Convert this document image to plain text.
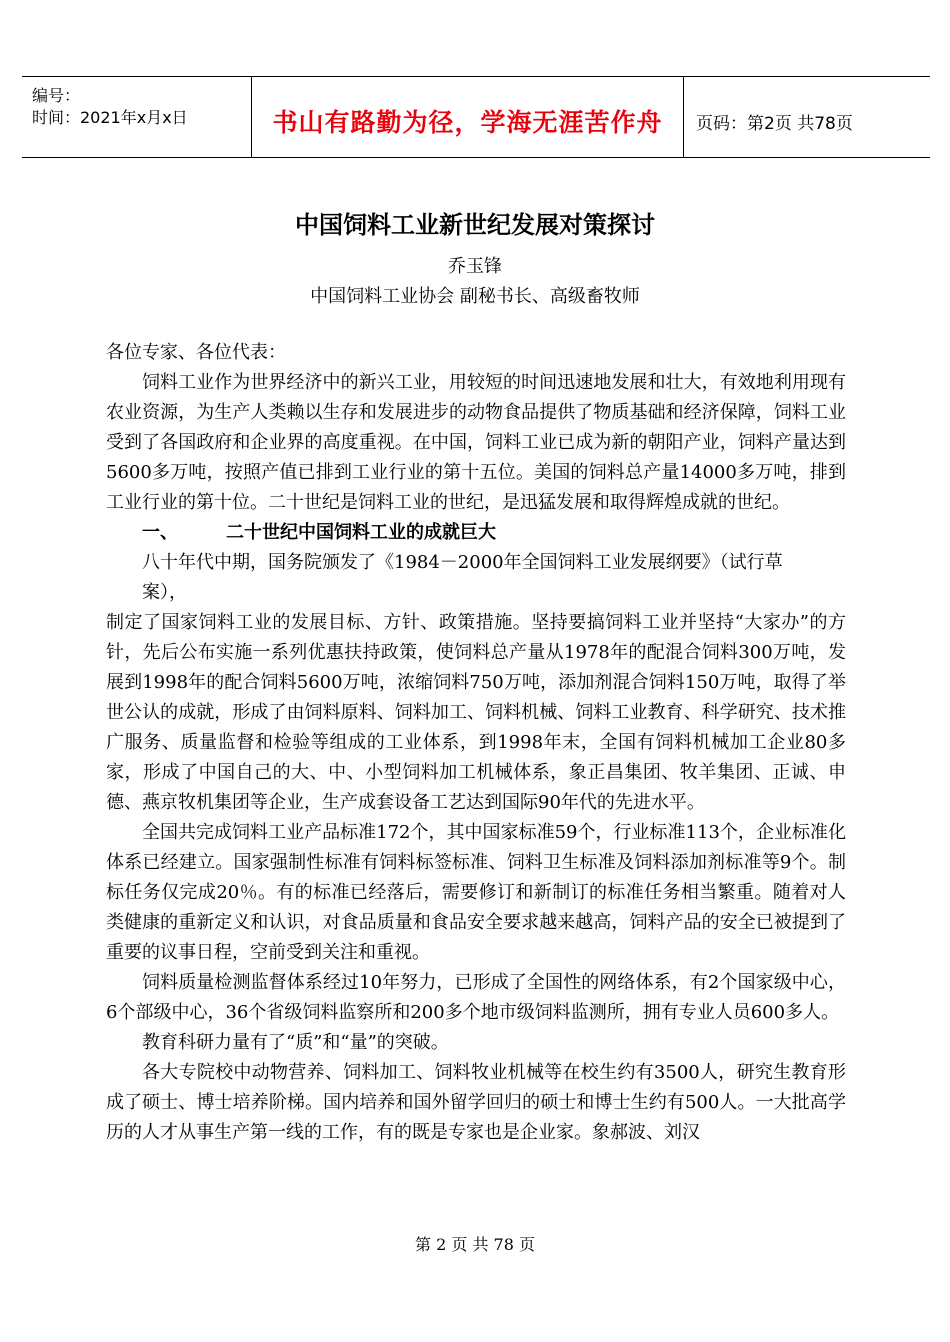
编号：
时间：2021年x月x日	书山有路勤为径，学海无涯苦作舟	页码：第2页 共78页
中国饲料工业新世纪发展对策探讨
乔玉锋
中国饲料工业协会 副秘书长、高级畜牧师

各位专家、各位代表：

饲料工业作为世界经济中的新兴工业，用较短的时间迅速地发展和壮大，有效地利用现有农业资源，为生产人类赖以生存和发展进步的动物食品提供了物质基础和经济保障，饲料工业受到了各国政府和企业界的高度重视。在中国，饲料工业已成为新的朝阳产业，饲料产量达到5600多万吨，按照产值已排到工业行业的第十五位。美国的饲料总产量14000多万吨，排到工业行业的第十位。二十世纪是饲料工业的世纪，是迅猛发展和取得辉煌成就的世纪。

一、	二十世纪中国饲料工业的成就巨大

八十年代中期，国务院颁发了《1984－2000年全国饲料工业发展纲要》（试行草

案），

制定了国家饲料工业的发展目标、方针、政策措施。坚持要搞饲料工业并坚持“大家办”的方针，先后公布实施一系列优惠扶持政策，使饲料总产量从1978年的配混合饲料300万吨，发展到1998年的配合饲料5600万吨，浓缩饲料750万吨，添加剂混合饲料150万吨，取得了举世公认的成就，形成了由饲料原料、饲料加工、饲料机械、饲料工业教育、科学研究、技术推广服务、质量监督和检验等组成的工业体系，到1998年末，全国有饲料机械加工企业80多家，形成了中国自己的大、中、小型饲料加工机械体系，象正昌集团、牧羊集团、正诚、申德、燕京牧机集团等企业，生产成套设备工艺达到国际90年代的先进水平。

全国共完成饲料工业产品标准172个，其中国家标准59个，行业标准113个，企业标准化体系已经建立。国家强制性标准有饲料标签标准、饲料卫生标准及饲料添加剂标准等9个。制标任务仅完成20％。有的标准已经落后，需要修订和新制订的标准任务相当繁重。随着对人类健康的重新定义和认识，对食品质量和食品安全要求越来越高，饲料产品的安全已被提到了重要的议事日程，空前受到关注和重视。

饲料质量检测监督体系经过10年努力，已形成了全国性的网络体系，有2个国家级中心，6个部级中心，36个省级饲料监察所和200多个地市级饲料监测所，拥有专业人员600多人。

教育科研力量有了“质”和“量”的突破。

各大专院校中动物营养、饲料加工、饲料牧业机械等在校生约有3500人，研究生教育形成了硕士、博士培养阶梯。国内培养和国外留学回归的硕士和博士生约有500人。一大批高学历的人才从事生产第一线的工作，有的既是专家也是企业家。象郝波、刘汉

第 2 页 共 78 页
